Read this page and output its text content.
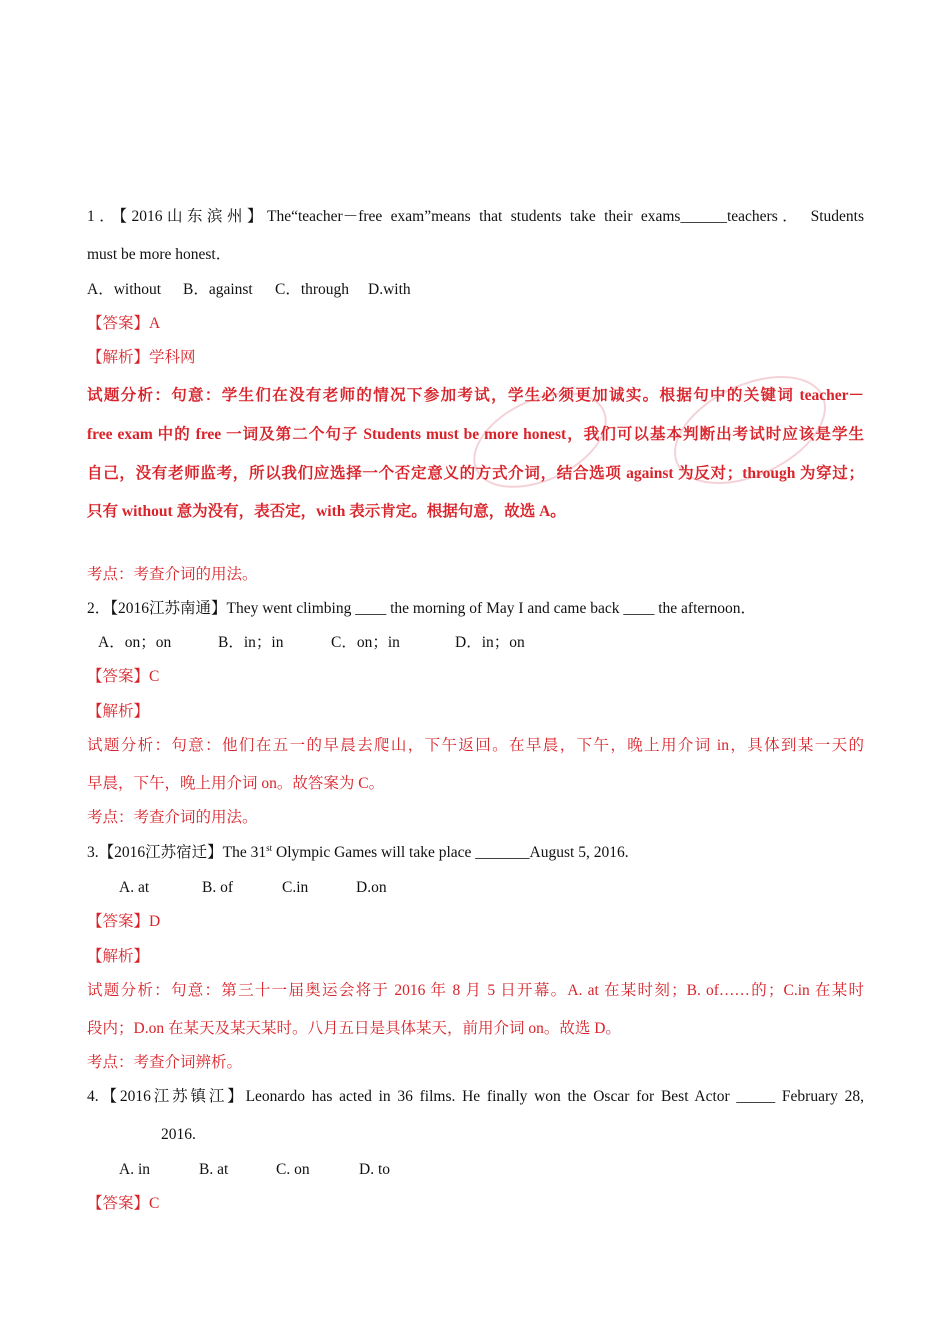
1．【2016山东滨州】The“teacher－free exam”means that students take their exams______teachers． Students
must be more honest．
A．without B．against C．through D.with
【答案】A
【解析】学科网
试题分析：句意：学生们在没有老师的情况下参加考试，学生必须更加诚实。根据句中的关键词 teacher－
free exam 中的 free 一词及第二个句子 Students must be more honest，我们可以基本判断出考试时应该是学生
自己，没有老师监考，所以我们应选择一个否定意义的方式介词，结合选项 against 为反对；through 为穿过；
只有 without 意为没有，表否定，with 表示肯定。根据句意，故选 A。
考点：考查介词的用法。
2．【2016江苏南通】They went climbing ____ the morning of May I and came back ____ the afternoon．
A．on；on	B．in；in	C．on；in	D．in；on
【答案】C
【解析】
试题分析：句意：他们在五一的早晨去爬山，下午返回。在早晨，下午，晚上用介词 in，具体到某一天的
早晨，下午，晚上用介词 on。故答案为 C。
考点：考查介词的用法。
3.【2016江苏宿迁】The 31st Olympic Games will take place _______August 5, 2016.
A. at	B. of	C.in	D.on
【答案】D
【解析】
试题分析：句意：第三十一届奥运会将于 2016 年 8 月 5 日开幕。A. at 在某时刻；B. of……的；C.in 在某时
段内；D.on 在某天及某天某时。八月五日是具体某天，前用介词 on。故选 D。
考点：考查介词辨析。
4.【2016江苏镇江】Leonardo has acted in 36 films. He finally won the Oscar for Best Actor _____ February 28,
2016.
A. in	B. at	C. on	D. to
【答案】C
